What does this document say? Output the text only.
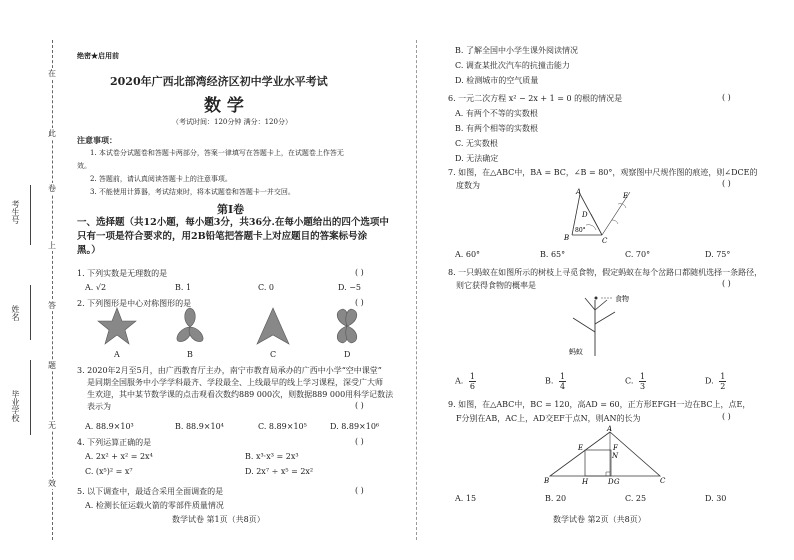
在
此
卷
上
答
题
无
效
考生号
姓名
毕业学校
绝密★启用前
2020年广西北部湾经济区初中学业水平考试
数 学
（考试时间：120分钟 满分：120分）
注意事项：
1. 本试卷分试题卷和答题卡两部分，答案一律填写在答题卡上，在试题卷上作答无
效。
2. 答题前，请认真阅读答题卡上的注意事项。
3. 不能使用计算器，考试结束时，将本试题卷和答题卡一并交回。
第Ⅰ卷
一、选择题（共12小题，每小题3分，共36分.在每小题给出的四个选项中
只有一项是符合要求的，用2B铅笔把答题卡上对应题目的答案标号涂
黑。）
1. 下列实数是无理数的是	( )
A. √2	B. 1	C. 0	D. −5
2. 下列图形是中心对称图形的是	( )
A	B	C	D
3. 2020年2月至5月，由广西教育厅主办，南宁市教育局承办的广西中小学“空中课堂”
是同期全国服务中小学学科最齐、学段最全、上线最早的线上学习课程，深受广大师
生欢迎，其中某节数学课的点击观看次数约889 000次，则数据889 000用科学记数法
表示为	( )
A. 88.9×10³	B. 88.9×10⁴	C. 8.89×10⁵	D. 8.89×10⁶
4. 下列运算正确的是	( )
A. 2x² + x² = 2x⁴	B. x³·x³ = 2x³
C. (x⁵)² = x⁷	D. 2x⁷ ÷ x⁵ = 2x²
5. 以下调查中，最适合采用全面调查的是	( )
A. 检测长征运载火箭的零部件质量情况
数学试卷 第1页（共8页）
B. 了解全国中小学生课外阅读情况
C. 调查某批次汽车的抗撞击能力
D. 检测城市的空气质量
6. 一元二次方程 x² − 2x + 1 = 0 的根的情况是	( )
A. 有两个不等的实数根
B. 有两个相等的实数根
C. 无实数根
D. 无法确定
7. 如图，在△ABC中，BA = BC，∠B = 80°，观察图中尺规作图的痕迹，则∠DCE的
度数为	( )
A
B	C
D
E
80°
A. 60°	B. 65°	C. 70°	D. 75°
8. 一只蚂蚁在如图所示的树枝上寻觅食物，假定蚂蚁在每个岔路口都随机选择一条路径，
则它获得食物的概率是	( )
食物
蚂蚁
A. $\frac{1}{6}$	B. $\frac{1}{4}$	C. $\frac{1}{3}$	D. $\frac{1}{2}$
9. 如图，在△ABC中，BC = 120，高AD = 60，正方形EFGH一边在BC上，点E，
F分别在AB，AC上，AD交EF于点N，则AN的长为	( )
A
B	C
D
E	F
G
H
N
A. 15	B. 20	C. 25	D. 30
数学试卷 第2页（共8页）
